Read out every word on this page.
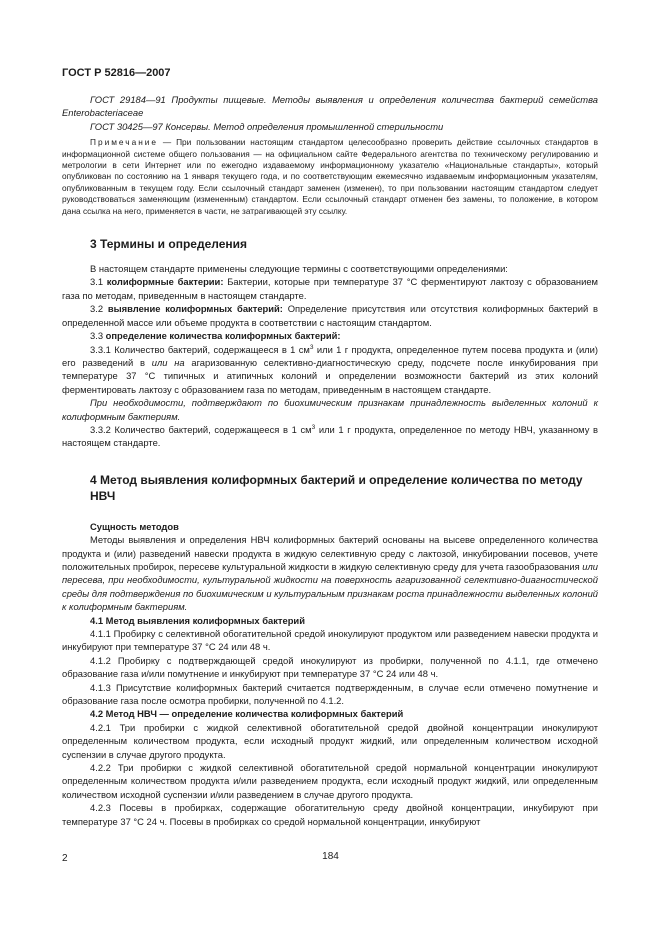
ГОСТ Р 52816—2007

ГОСТ 29184—91 Продукты пищевые. Методы выявления и определения количества бактерий семейства Enterobacteriaceae

ГОСТ 30425—97 Консервы. Метод определения промышленной стерильности

Примечание — При пользовании настоящим стандартом целесообразно проверить действие ссылочных стандартов в информационной системе общего пользования — на официальном сайте Федерального агентства по техническому регулированию и метрологии в сети Интернет или по ежегодно издаваемому информационному указателю «Национальные стандарты», который опубликован по состоянию на 1 января текущего года, и по соответствующим ежемесячно издаваемым информационным указателям, опубликованным в текущем году. Если ссылочный стандарт заменен (изменен), то при пользовании настоящим стандартом следует руководствоваться заменяющим (измененным) стандартом. Если ссылочный стандарт отменен без замены, то положение, в котором дана ссылка на него, применяется в части, не затрагивающей эту ссылку.

3 Термины и определения

В настоящем стандарте применены следующие термины с соответствующими определениями:

3.1 колиформные бактерии: Бактерии, которые при температуре 37 °С ферментируют лактозу с образованием газа по методам, приведенным в настоящем стандарте.

3.2 выявление колиформных бактерий: Определение присутствия или отсутствия колиформных бактерий в определенной массе или объеме продукта в соответствии с настоящим стандартом.

3.3 определение количества колиформных бактерий:

3.3.1 Количество бактерий, содержащееся в 1 $см^3$ или 1 г продукта, определенное путем посева продукта и (или) его разведений в или на агаризованную селективно-диагностическую среду, подсчете после инкубирования при температуре 37 °С типичных и атипичных колоний и определении возможности бактерий из этих колоний ферментировать лактозу с образованием газа по методам, приведенным в настоящем стандарте.

При необходимости, подтверждают по биохимическим признакам принадлежность выделенных колоний к колиформным бактериям.

3.3.2 Количество бактерий, содержащееся в 1 $см^3$ или 1 г продукта, определенное по методу НВЧ, указанному в настоящем стандарте.

4 Метод выявления колиформных бактерий и определение количества по методу НВЧ
Сущность методов

Методы выявления и определения НВЧ колиформных бактерий основаны на высеве определенного количества продукта и (или) разведений навески продукта в жидкую селективную среду с лактозой, инкубировании посевов, учете положительных пробирок, пересеве культуральной жидкости в жидкую селективную среду для учета газообразования или пересева, при необходимости, культуральной жидкости на поверхность агаризованной селективно-диагностической среды для подтверждения по биохимическим и культуральным признакам роста принадлежности выделенных колоний к колиформным бактериям.

4.1 Метод выявления колиформных бактерий

4.1.1 Пробирку с селективной обогатительной средой инокулируют продуктом или разведением навески продукта и инкубируют при температуре 37 °С 24 или 48 ч.

4.1.2 Пробирку с подтверждающей средой инокулируют из пробирки, полученной по 4.1.1, где отмечено образование газа и/или помутнение и инкубируют при температуре 37 °С 24 или 48 ч.

4.1.3 Присутствие колиформных бактерий считается подтвержденным, в случае если отмечено помутнение и образование газа после осмотра пробирки, полученной по 4.1.2.

4.2 Метод НВЧ — определение количества колиформных бактерий

4.2.1 Три пробирки с жидкой селективной обогатительной средой двойной концентрации инокулируют определенным количеством продукта, если исходный продукт жидкий, или определенным количеством исходной суспензии в случае другого продукта.

4.2.2 Три пробирки с жидкой селективной обогатительной средой нормальной концентрации инокулируют определенным количеством продукта и/или разведением продукта, если исходный продукт жидкий, или определенным количеством исходной суспензии и/или разведением в случае другого продукта.

4.2.3 Посевы в пробирках, содержащие обогатительную среду двойной концентрации, инкубируют при температуре 37 °С 24 ч. Посевы в пробирках со средой нормальной концентрации, инкубируют

2	184
